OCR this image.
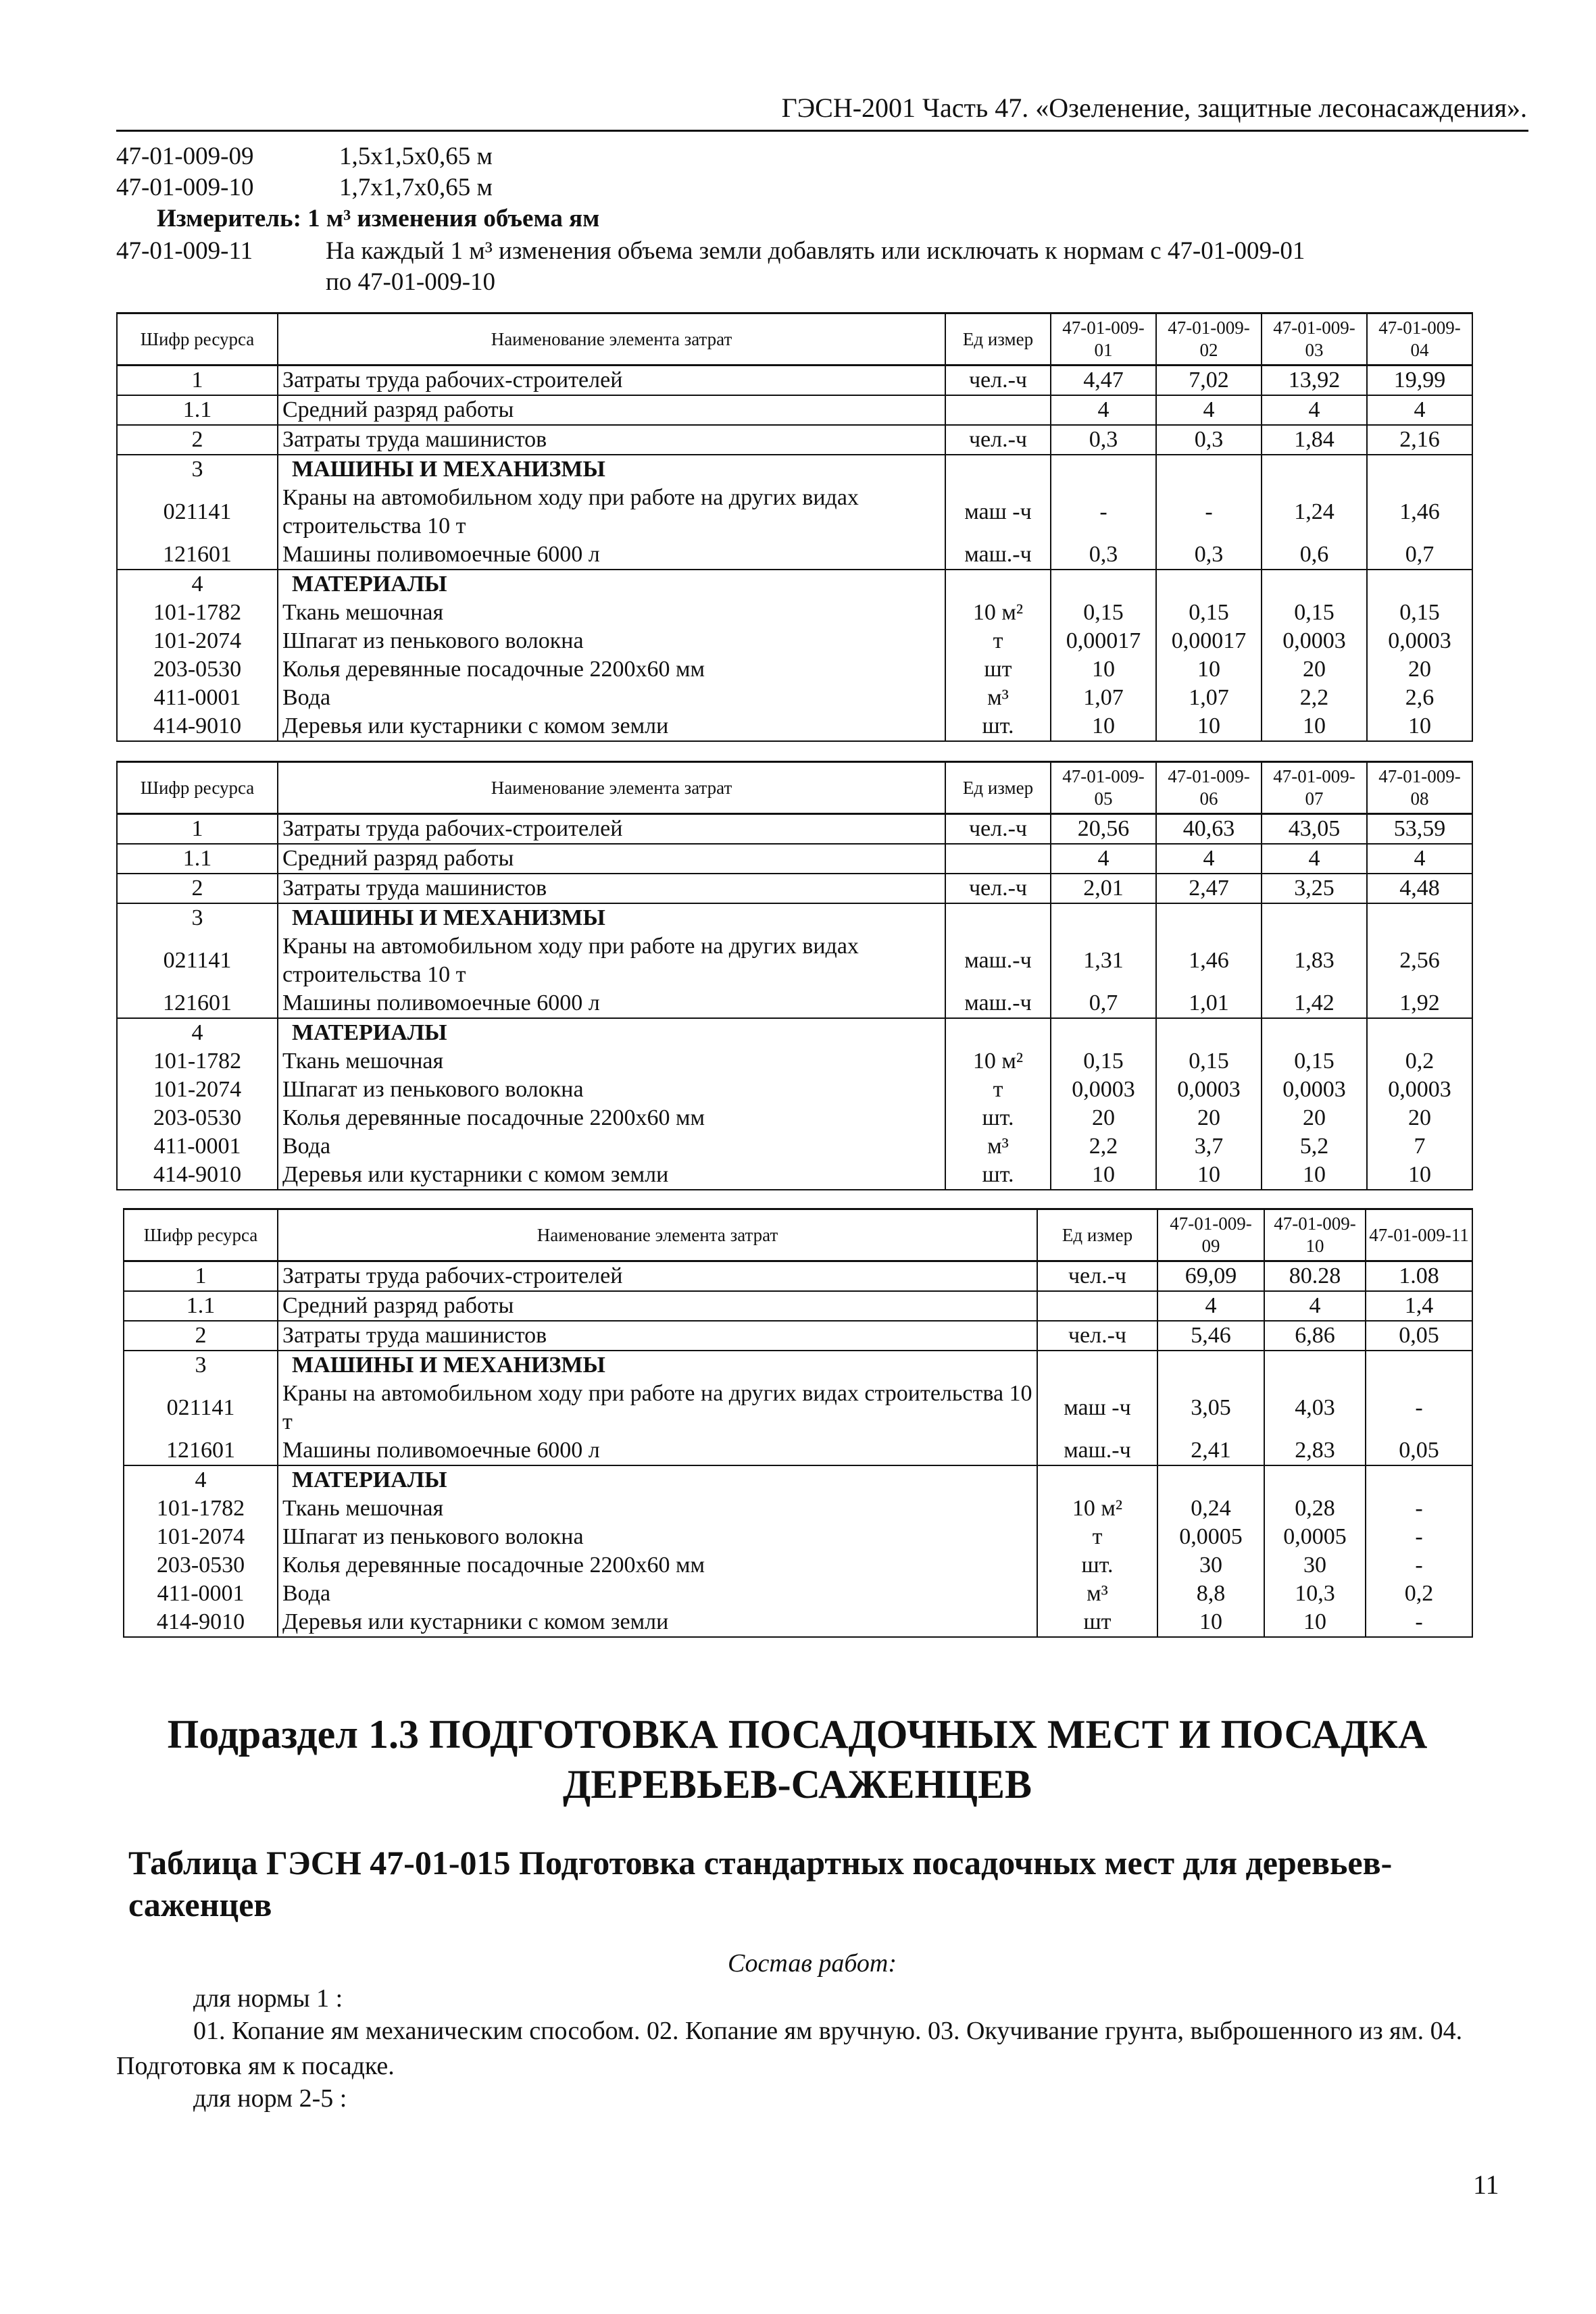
ГЭСН-2001 Часть 47. «Озеленение, защитные лесонасаждения».
47-01-009-09	1,5x1,5x0,65 м
47-01-009-10	1,7x1,7x0,65 м
Измеритель: 1 м³ изменения объема ям
47-01-009-11	На каждый 1 м³ изменения объема земли добавлять или исключать к нормам с 47-01-009-01
по 47-01-009-10
Шифр ресурса	Наименование элемента затрат	Ед измер	47-01-009-01	47-01-009-02	47-01-009-03	47-01-009-04
1	Затраты труда рабочих-строителей	чел.-ч	4,47	7,02	13,92	19,99
1.1	Средний разряд работы		4	4	4	4
2	Затраты труда машинистов	чел.-ч	0,3	0,3	1,84	2,16
3	МАШИНЫ И МЕХАНИЗМЫ					
021141	Краны на автомобильном ходу при работе на других видах строительства 10 т	маш -ч	-	-	1,24	1,46
121601	Машины поливомоечные 6000 л	маш.-ч	0,3	0,3	0,6	0,7
4	МАТЕРИАЛЫ					
101-1782	Ткань мешочная	10 м²	0,15	0,15	0,15	0,15
101-2074	Шпагат из пенькового волокна	т	0,00017	0,00017	0,0003	0,0003
203-0530	Колья деревянные посадочные 2200x60 мм	шт	10	10	20	20
411-0001	Вода	м³	1,07	1,07	2,2	2,6
414-9010	Деревья или кустарники с комом земли	шт.	10	10	10	10
Шифр ресурса	Наименование элемента затрат	Ед измер	47-01-009-05	47-01-009-06	47-01-009-07	47-01-009-08
1	Затраты труда рабочих-строителей	чел.-ч	20,56	40,63	43,05	53,59
1.1	Средний разряд работы		4	4	4	4
2	Затраты труда машинистов	чел.-ч	2,01	2,47	3,25	4,48
3	МАШИНЫ И МЕХАНИЗМЫ					
021141	Краны на автомобильном ходу при работе на других видах строительства 10 т	маш.-ч	1,31	1,46	1,83	2,56
121601	Машины поливомоечные 6000 л	маш.-ч	0,7	1,01	1,42	1,92
4	МАТЕРИАЛЫ					
101-1782	Ткань мешочная	10 м²	0,15	0,15	0,15	0,2
101-2074	Шпагат из пенькового волокна	т	0,0003	0,0003	0,0003	0,0003
203-0530	Колья деревянные посадочные 2200x60 мм	шт.	20	20	20	20
411-0001	Вода	м³	2,2	3,7	5,2	7
414-9010	Деревья или кустарники с комом земли	шт.	10	10	10	10
Шифр ресурса	Наименование элемента затрат	Ед измер	47-01-009-09	47-01-009-10	47-01-009-11
1	Затраты труда рабочих-строителей	чел.-ч	69,09	80.28	1.08
1.1	Средний разряд работы		4	4	1,4
2	Затраты труда машинистов	чел.-ч	5,46	6,86	0,05
3	МАШИНЫ И МЕХАНИЗМЫ				
021141	Краны на автомобильном ходу при работе на других видах строительства 10 т	маш -ч	3,05	4,03	-
121601	Машины поливомоечные 6000 л	маш.-ч	2,41	2,83	0,05
4	МАТЕРИАЛЫ				
101-1782	Ткань мешочная	10 м²	0,24	0,28	-
101-2074	Шпагат из пенькового волокна	т	0,0005	0,0005	-
203-0530	Колья деревянные посадочные 2200x60 мм	шт.	30	30	-
411-0001	Вода	м³	8,8	10,3	0,2
414-9010	Деревья или кустарники с комом земли	шт	10	10	-
Подраздел 1.3 ПОДГОТОВКА ПОСАДОЧНЫХ МЕСТ И ПОСАДКА ДЕРЕВЬЕВ-САЖЕНЦЕВ
Таблица ГЭСН 47-01-015 Подготовка стандартных посадочных мест для деревьев-саженцев
Состав работ:
для нормы 1 :
01. Копание ям механическим способом. 02. Копание ям вручную. 03. Окучивание грунта, выброшенного из ям. 04. Подготовка ям к посадке.
для норм 2-5 :
11
